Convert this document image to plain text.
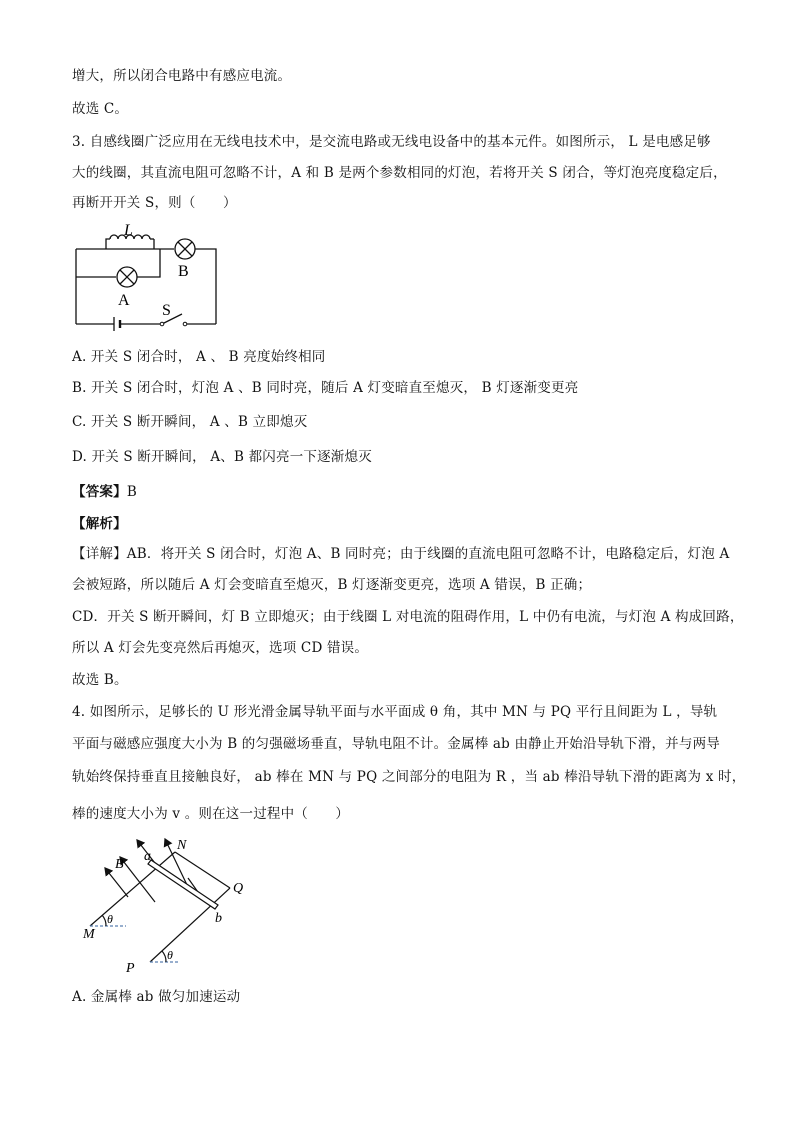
增大，所以闭合电路中有感应电流。
故选 C。
3. 自感线圈广泛应用在无线电技术中，是交流电路或无线电设备中的基本元件。如图所示， L 是电感足够
大的线圈，其直流电阻可忽略不计，A 和 B 是两个参数相同的灯泡，若将开关 S 闭合，等灯泡亮度稳定后，
再断开开关 S，则（　　）
L
B
A
S
A. 开关 S 闭合时， A 、 B 亮度始终相同
B. 开关 S 闭合时，灯泡 A 、B 同时亮，随后 A 灯变暗直至熄灭， B 灯逐渐变更亮
C. 开关 S 断开瞬间， A 、B 立即熄灭
D. 开关 S 断开瞬间， A、B 都闪亮一下逐渐熄灭
【答案】B
【解析】
【详解】AB．将开关 S 闭合时，灯泡 A、B 同时亮；由于线圈的直流电阻可忽略不计，电路稳定后，灯泡 A
会被短路，所以随后 A 灯会变暗直至熄灭，B 灯逐渐变更亮，选项 A 错误，B 正确；
CD．开关 S 断开瞬间，灯 B 立即熄灭；由于线圈 L 对电流的阻碍作用，L 中仍有电流，与灯泡 A 构成回路，
所以 A 灯会先变亮然后再熄灭，选项 CD 错误。
故选 B。
4. 如图所示，足够长的 U 形光滑金属导轨平面与水平面成 θ 角，其中 MN 与 PQ 平行且间距为 L ，导轨
平面与磁感应强度大小为 B 的匀强磁场垂直，导轨电阻不计。金属棒 ab 由静止开始沿导轨下滑，并与两导
轨始终保持垂直且接触良好， ab 棒在 MN 与 PQ 之间部分的电阻为 R ，当 ab 棒沿导轨下滑的距离为 x 时，
棒的速度大小为 v 。则在这一过程中（　　）
M
θ
P
θ
B
a
N
Q
b
A. 金属棒 ab 做匀加速运动
